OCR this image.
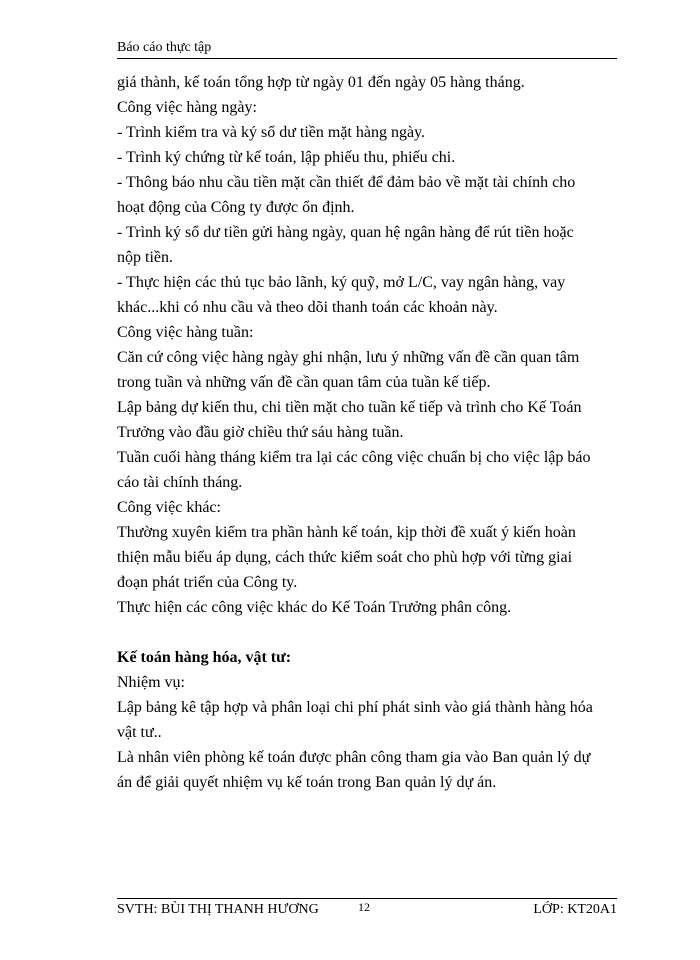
Báo cáo thực tập
giá thành, kế toán tổng hợp từ ngày 01 đến ngày 05 hàng tháng.
Công việc hàng ngày:
- Trình kiểm tra và ký sổ dư tiền mặt hàng ngày.
- Trình ký chứng từ kế toán, lập phiếu thu, phiếu chi.
- Thông báo nhu cầu tiền mặt cần thiết để đảm bảo về mặt tài chính cho
hoạt động của Công ty được ổn định.
- Trình ký sổ dư tiền gửi hàng ngày, quan hệ ngân hàng để rút tiền hoặc
nộp tiền.
- Thực hiện các thủ tục bảo lãnh, ký quỹ, mở L/C, vay ngân hàng, vay
khác...khi có nhu cầu và theo dõi thanh toán các khoản này.
Công việc hàng tuần:
Căn cứ công việc hàng ngày ghi nhận, lưu ý những vấn đề cần quan tâm
trong tuần và những vấn đề cần quan tâm của tuần kế tiếp.
Lập bảng dự kiến thu, chi tiền mặt cho tuần kế tiếp và trình cho Kế Toán
Trưởng vào đầu giờ chiều thứ sáu hàng tuần.
Tuần cuối hàng tháng kiểm tra lại các công việc chuẩn bị cho việc lập báo
cáo tài chính tháng.
Công việc khác:
Thường xuyên kiểm tra phần hành kế toán, kịp thời đề xuất ý kiến hoàn
thiện mẫu biểu áp dụng, cách thức kiểm soát cho phù hợp với từng giai
đoạn phát triển của Công ty.
Thực hiện các công việc khác do Kế Toán Trưởng phân công.
Kế toán hàng hóa, vật tư:
Nhiệm vụ:
Lập bảng kê tập hợp và phân loại chi phí phát sinh vào giá thành hàng hóa
vật tư..
Là nhân viên phòng kế toán được phân công tham gia vào Ban quản lý dự
án để giải quyết nhiệm vụ kế toán trong Ban quản lý dự án.
SVTH: BÙI THỊ THANH HƯƠNG	12	LỚP: KT20A1
